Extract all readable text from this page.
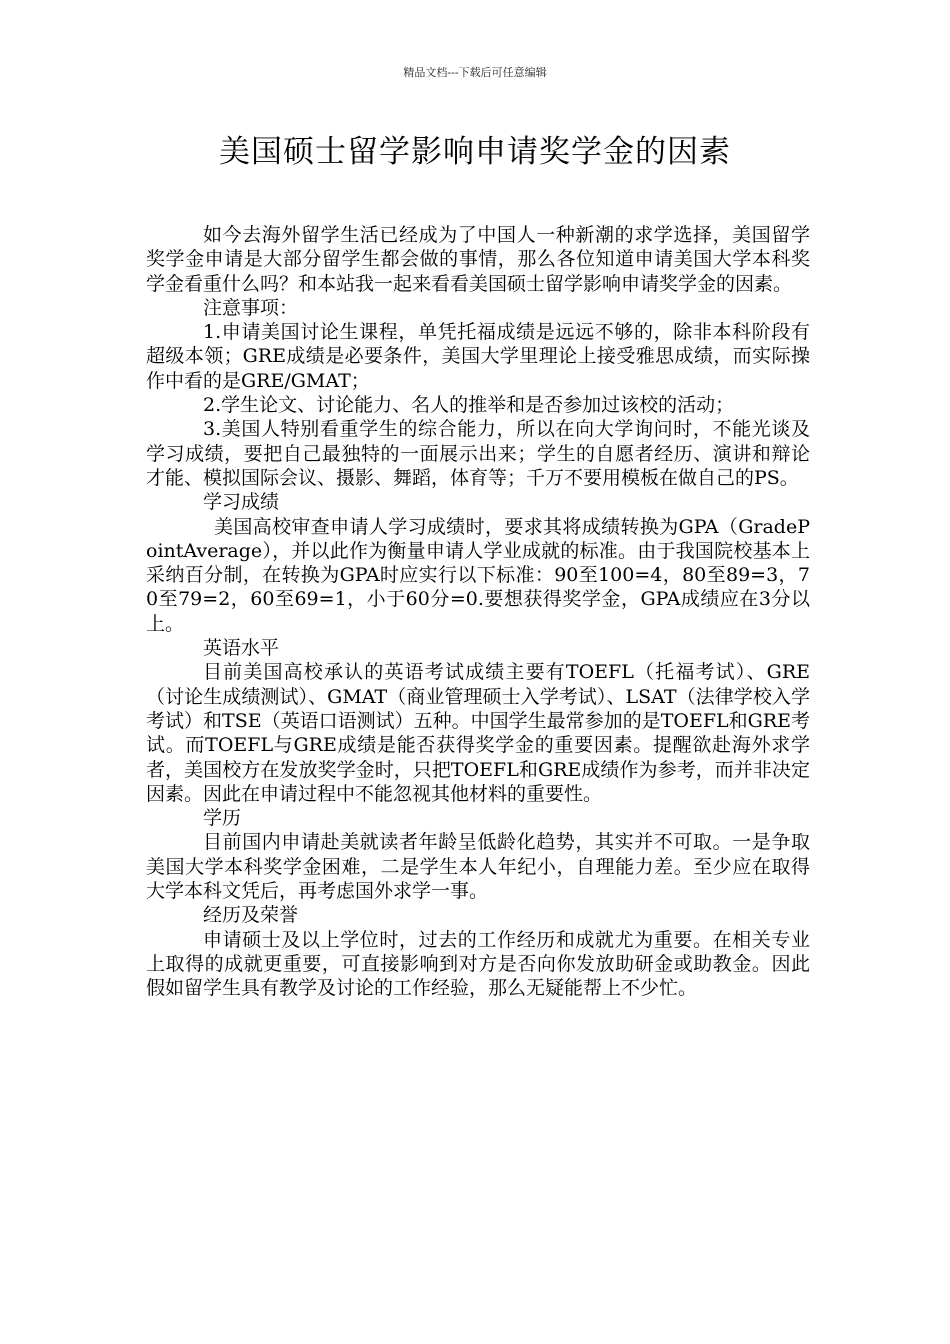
精品文档---下载后可任意编辑
美国硕士留学影响申请奖学金的因素

如今去海外留学生活已经成为了中国人一种新潮的求学选择，美国留学奖学金申请是大部分留学生都会做的事情，那么各位知道申请美国大学本科奖学金看重什么吗？和本站我一起来看看美国硕士留学影响申请奖学金的因素。

注意事项：

1.申请美国讨论生课程，单凭托福成绩是远远不够的，除非本科阶段有超级本领；GRE成绩是必要条件，美国大学里理论上接受雅思成绩，而实际操作中看的是GRE/GMAT；

2.学生论文、讨论能力、名人的推举和是否参加过该校的活动；

3.美国人特别看重学生的综合能力，所以在向大学询问时，不能光谈及学习成绩，要把自己最独特的一面展示出来；学生的自愿者经历、演讲和辩论才能、模拟国际会议、摄影、舞蹈，体育等；千万不要用模板在做自己的PS。

学习成绩

美国高校审查申请人学习成绩时，要求其将成绩转换为GPA（GradePointAverage），并以此作为衡量申请人学业成就的标准。由于我国院校基本上采纳百分制，在转换为GPA时应实行以下标准：90至100=4，80至89=3，70至79=2，60至69=1，小于60分=0.要想获得奖学金，GPA成绩应在3分以上。

英语水平

目前美国高校承认的英语考试成绩主要有TOEFL（托福考试）、GRE（讨论生成绩测试）、GMAT（商业管理硕士入学考试）、LSAT（法律学校入学考试）和TSE（英语口语测试）五种。中国学生最常参加的是TOEFL和GRE考试。而TOEFL与GRE成绩是能否获得奖学金的重要因素。提醒欲赴海外求学者，美国校方在发放奖学金时，只把TOEFL和GRE成绩作为参考，而并非决定因素。因此在申请过程中不能忽视其他材料的重要性。

学历

目前国内申请赴美就读者年龄呈低龄化趋势，其实并不可取。一是争取美国大学本科奖学金困难，二是学生本人年纪小，自理能力差。至少应在取得大学本科文凭后，再考虑国外求学一事。

经历及荣誉

申请硕士及以上学位时，过去的工作经历和成就尤为重要。在相关专业上取得的成就更重要，可直接影响到对方是否向你发放助研金或助教金。因此假如留学生具有教学及讨论的工作经验，那么无疑能帮上不少忙。
